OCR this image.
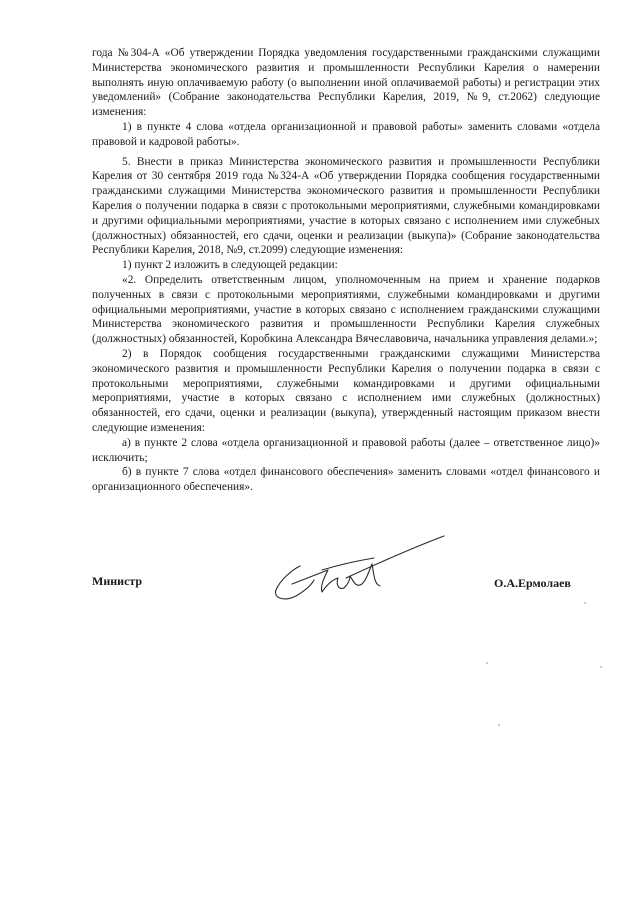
года №304-А «Об утверждении Порядка уведомления государственными гражданскими служащими Министерства экономического развития и промышленности Республики Карелия о намерении выполнять иную оплачиваемую работу (о выполнении иной оплачиваемой работы) и регистрации этих уведомлений» (Собрание законодательства Республики Карелия, 2019, №9, ст.2062) следующие изменения:

1) в пункте 4 слова «отдела организационной и правовой работы» заменить словами «отдела правовой и кадровой работы».

5. Внести в приказ Министерства экономического развития и промышленности Республики Карелия от 30 сентября 2019 года №324-А «Об утверждении Порядка сообщения государственными гражданскими служащими Министерства экономического развития и промышленности Республики Карелия о получении подарка в связи с протокольными мероприятиями, служебными командировками и другими официальными мероприятиями, участие в которых связано с исполнением ими служебных (должностных) обязанностей, его сдачи, оценки и реализации (выкупа)» (Собрание законодательства Республики Карелия, 2018, №9, ст.2099) следующие изменения:

1) пункт 2 изложить в следующей редакции:

«2. Определить ответственным лицом, уполномоченным на прием и хранение подарков полученных в связи с протокольными мероприятиями, служебными командировками и другими официальными мероприятиями, участие в которых связано с исполнением гражданскими служащими Министерства экономического развития и промышленности Республики Карелия служебных (должностных) обязанностей, Коробкина Александра Вячеславовича, начальника управления делами.»;

2) в Порядок сообщения государственными гражданскими служащими Министерства экономического развития и промышленности Республики Карелия о получении подарка в связи с протокольными мероприятиями, служебными командировками и другими официальными мероприятиями, участие в которых связано с исполнением ими служебных (должностных) обязанностей, его сдачи, оценки и реализации (выкупа), утвержденный настоящим приказом внести следующие изменения:

а) в пункте 2 слова «отдела организационной и правовой работы (далее – ответственное лицо)» исключить;

б) в пункте 7 слова «отдел финансового обеспечения» заменить словами «отдел финансового и организационного обеспечения».

Министр	О.А.Ермолаев
